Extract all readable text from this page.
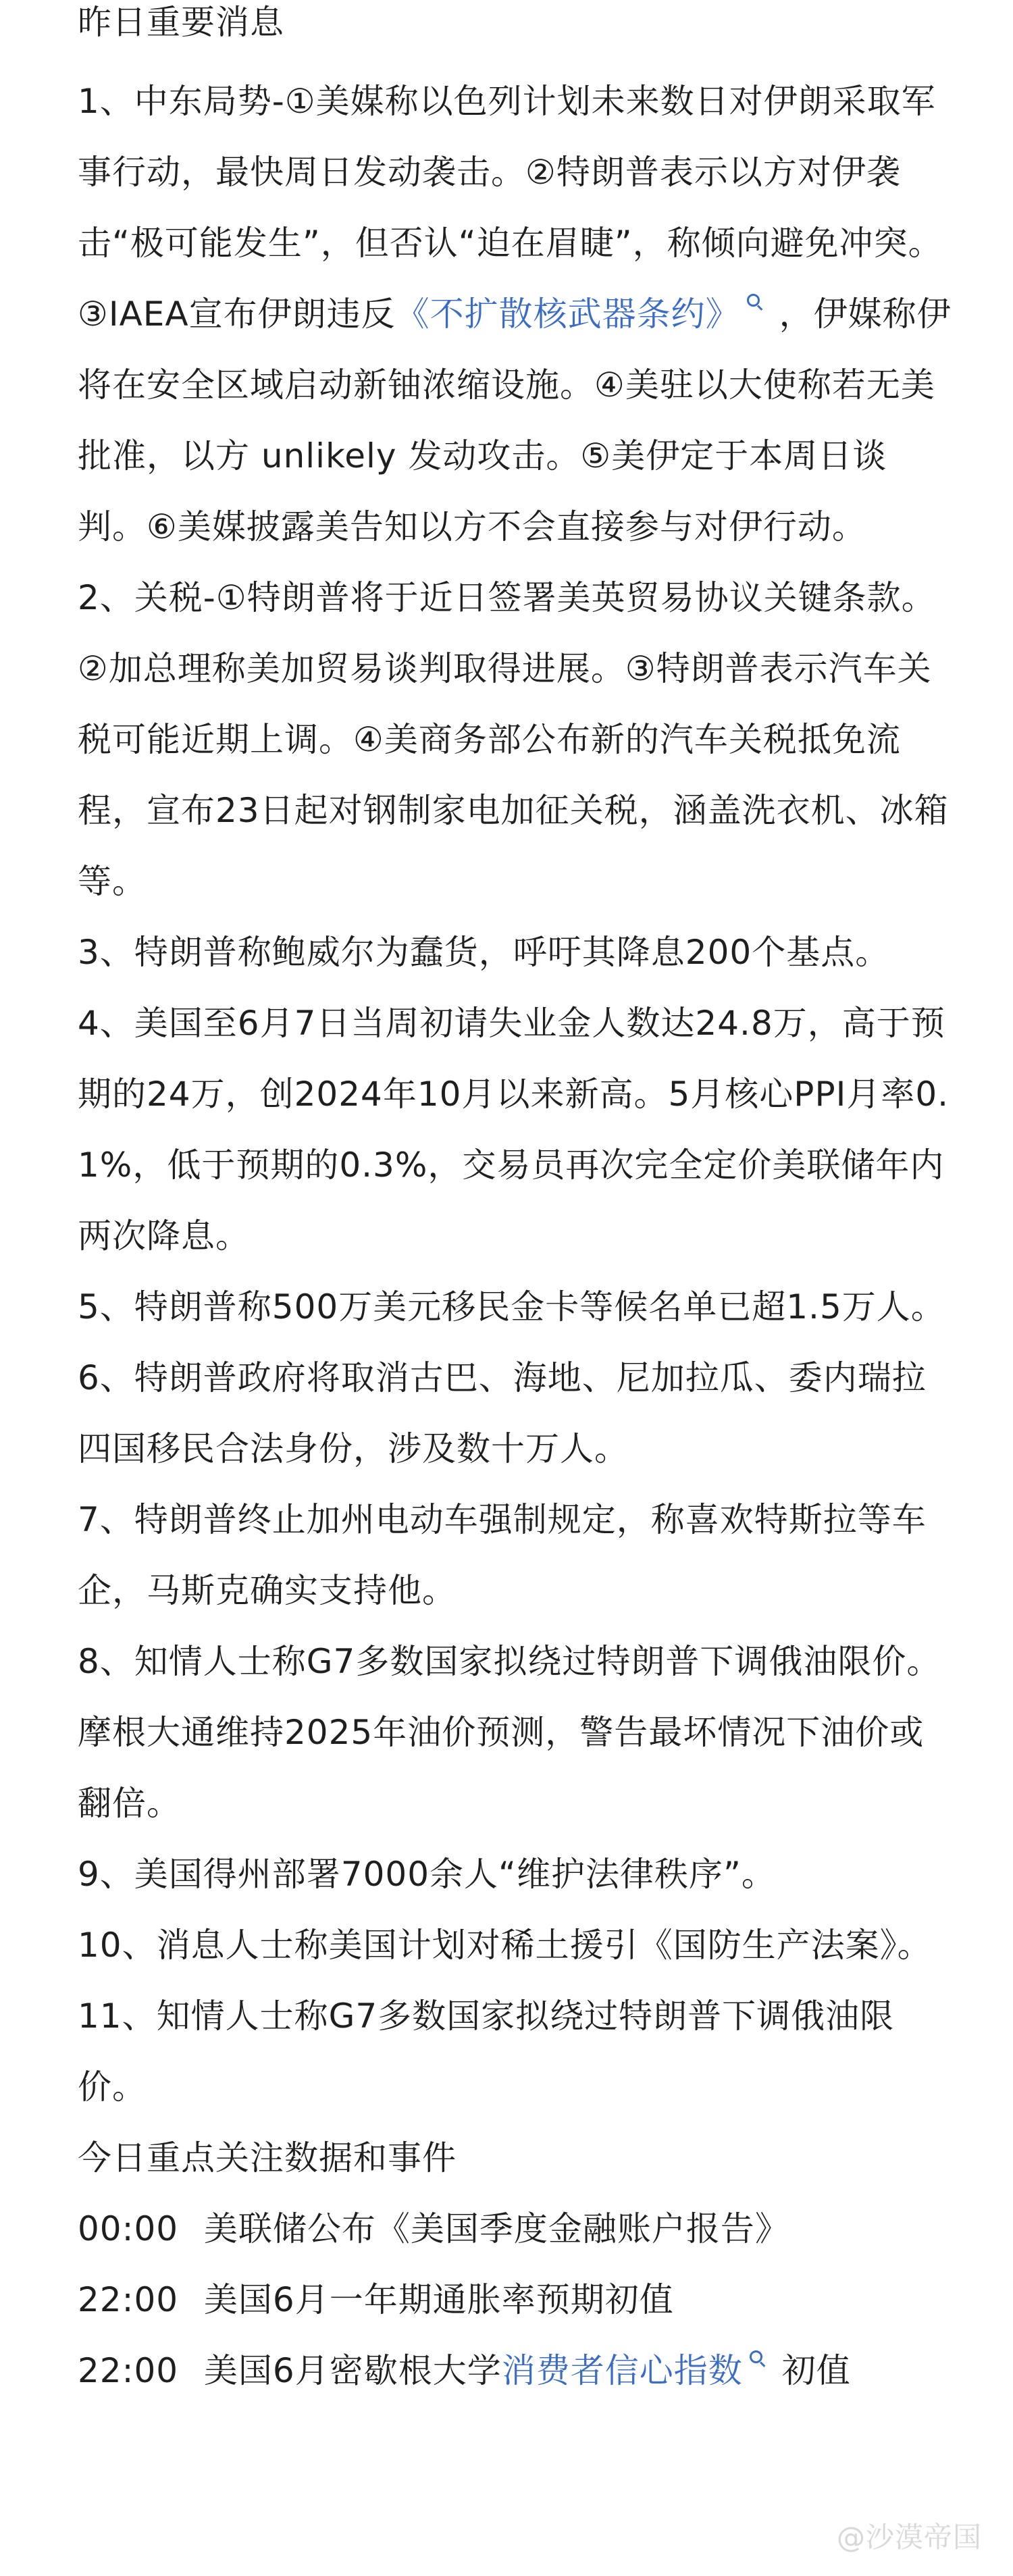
昨日重要消息

1、中东局势-①美媒称以色列计划未来数日对伊朗采取军事行动，最快周日发动袭击。②特朗普表示以方对伊袭击“极可能发生”，但否认“迫在眉睫”，称倾向避免冲突。③IAEA宣布伊朗违反《不扩散核武器条约》 ，伊媒称伊将在安全区域启动新铀浓缩设施。④美驻以大使称若无美批准，以方 unlikely 发动攻击。⑤美伊定于本周日谈判。⑥美媒披露美告知以方不会直接参与对伊行动。

2、关税-①特朗普将于近日签署美英贸易协议关键条款。②加总理称美加贸易谈判取得进展。③特朗普表示汽车关税可能近期上调。④美商务部公布新的汽车关税抵免流程，宣布23日起对钢制家电加征关税，涵盖洗衣机、冰箱等。

3、特朗普称鲍威尔为蠢货，呼吁其降息200个基点。

4、美国至6月7日当周初请失业金人数达24.8万，高于预期的24万，创2024年10月以来新高。5月核心PPI月率0.1%，低于预期的0.3%，交易员再次完全定价美联储年内两次降息。

5、特朗普称500万美元移民金卡等候名单已超1.5万人。

6、特朗普政府将取消古巴、海地、尼加拉瓜、委内瑞拉四国移民合法身份，涉及数十万人。

7、特朗普终止加州电动车强制规定，称喜欢特斯拉等车企，马斯克确实支持他。

8、知情人士称G7多数国家拟绕过特朗普下调俄油限价。摩根大通维持2025年油价预测，警告最坏情况下油价或翻倍。

9、美国得州部署7000余人“维护法律秩序”。

10、消息人士称美国计划对稀土援引《国防生产法案》。

11、知情人士称G7多数国家拟绕过特朗普下调俄油限价。

今日重点关注数据和事件

00:00 美联储公布《美国季度金融账户报告》

22:00 美国6月一年期通胀率预期初值

22:00 美国6月密歇根大学消费者信心指数 初值

@沙漠帝国
